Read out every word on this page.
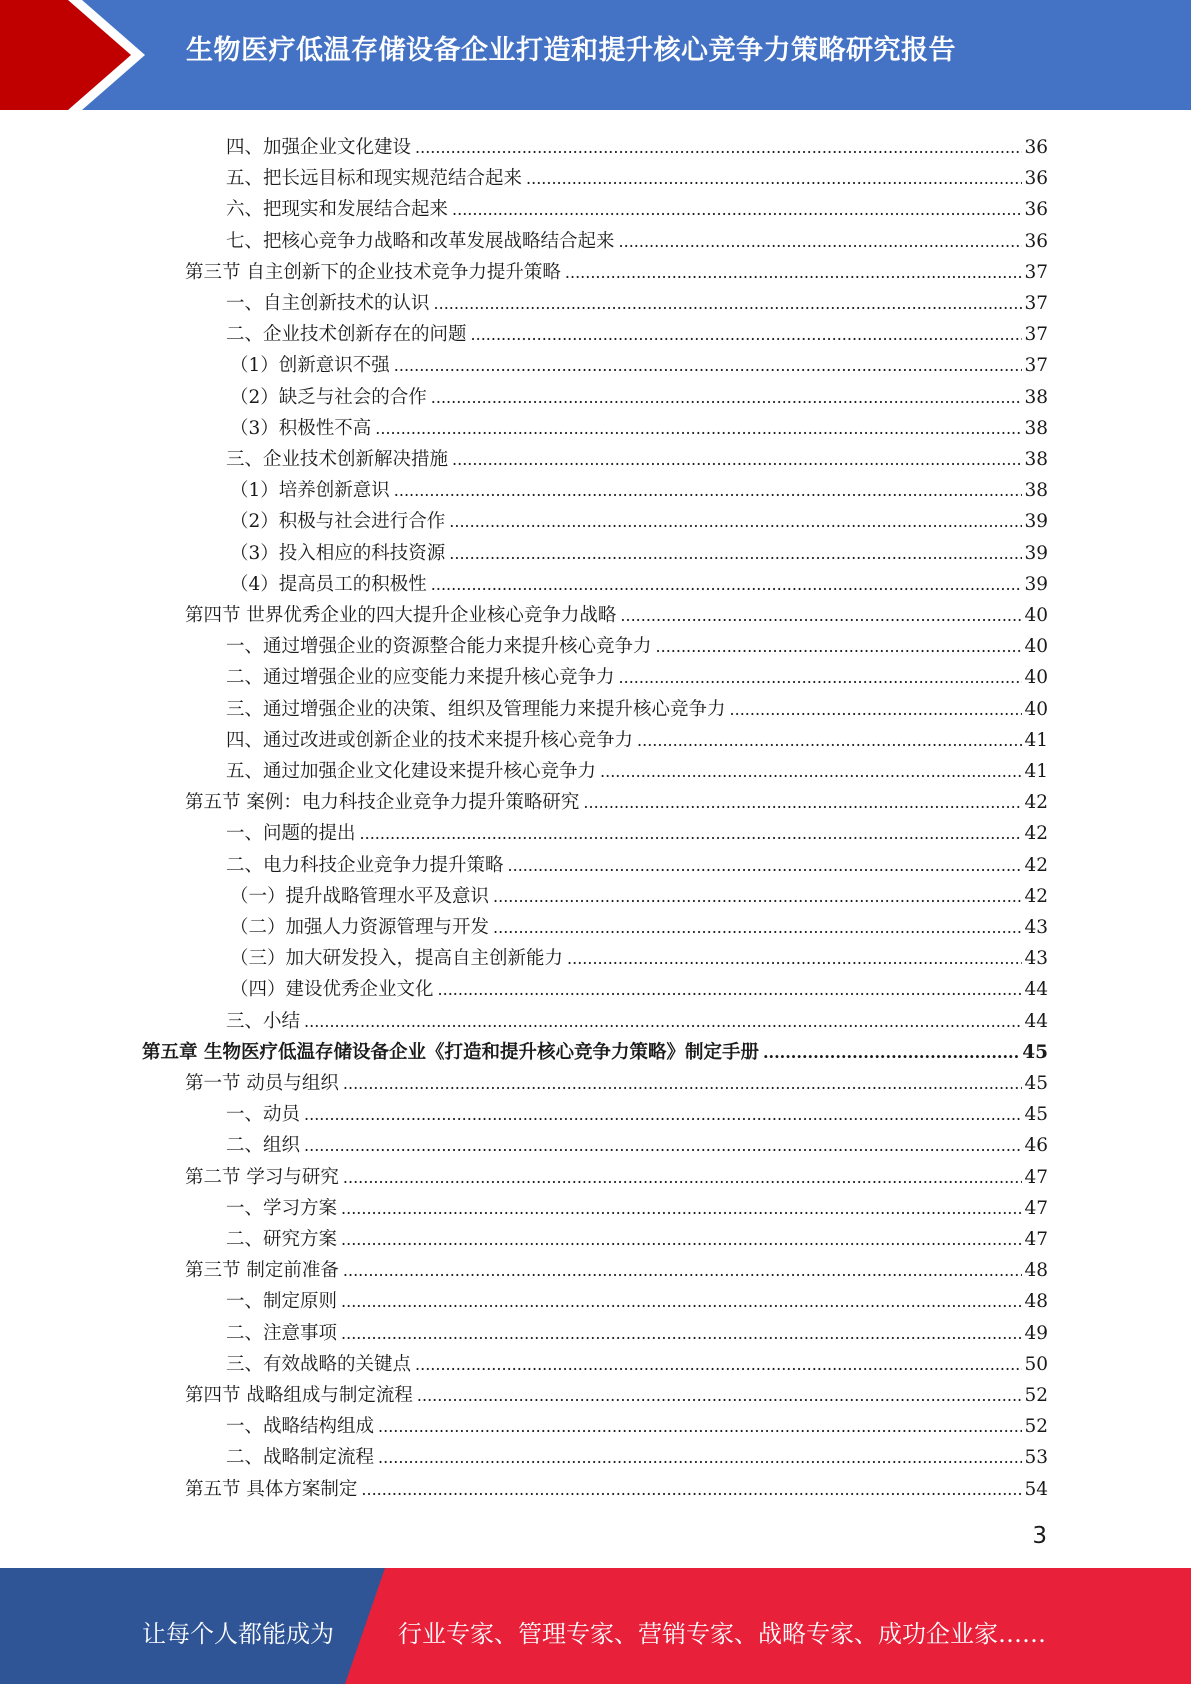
生物医疗低温存储设备企业打造和提升核心竞争力策略研究报告
四、加强企业文化建设 .....	36
五、把长远目标和现实规范结合起来 .....	36
六、把现实和发展结合起来 .....	36
七、把核心竞争力战略和改革发展战略结合起来 .....	36
第三节 自主创新下的企业技术竞争力提升策略 .....	37
一、自主创新技术的认识 .....	37
二、企业技术创新存在的问题 .....	37
（1）创新意识不强 .....	37
（2）缺乏与社会的合作 .....	38
（3）积极性不高 .....	38
三、企业技术创新解决措施 .....	38
（1）培养创新意识 .....	38
（2）积极与社会进行合作 .....	39
（3）投入相应的科技资源 .....	39
（4）提高员工的积极性 .....	39
第四节 世界优秀企业的四大提升企业核心竞争力战略 .....	40
一、通过增强企业的资源整合能力来提升核心竞争力 .....	40
二、通过增强企业的应变能力来提升核心竞争力 .....	40
三、通过增强企业的决策、组织及管理能力来提升核心竞争力 .....	40
四、通过改进或创新企业的技术来提升核心竞争力 .....	41
五、通过加强企业文化建设来提升核心竞争力 .....	41
第五节 案例：电力科技企业竞争力提升策略研究 .....	42
一、问题的提出 .....	42
二、电力科技企业竞争力提升策略 .....	42
（一）提升战略管理水平及意识 .....	42
（二）加强人力资源管理与开发 .....	43
（三）加大研发投入，提高自主创新能力 .....	43
（四）建设优秀企业文化 .....	44
三、小结 .....	44
第五章 生物医疗低温存储设备企业《打造和提升核心竞争力策略》制定手册 .....	45
第一节 动员与组织 .....	45
一、动员 .....	45
二、组织 .....	46
第二节 学习与研究 .....	47
一、学习方案 .....	47
二、研究方案 .....	47
第三节 制定前准备 .....	48
一、制定原则 .....	48
二、注意事项 .....	49
三、有效战略的关键点 .....	50
第四节 战略组成与制定流程 .....	52
一、战略结构组成 .....	52
二、战略制定流程 .....	53
第五节 具体方案制定 .....	54
3
让每个人都能成为	行业专家、管理专家、营销专家、战略专家、成功企业家……
